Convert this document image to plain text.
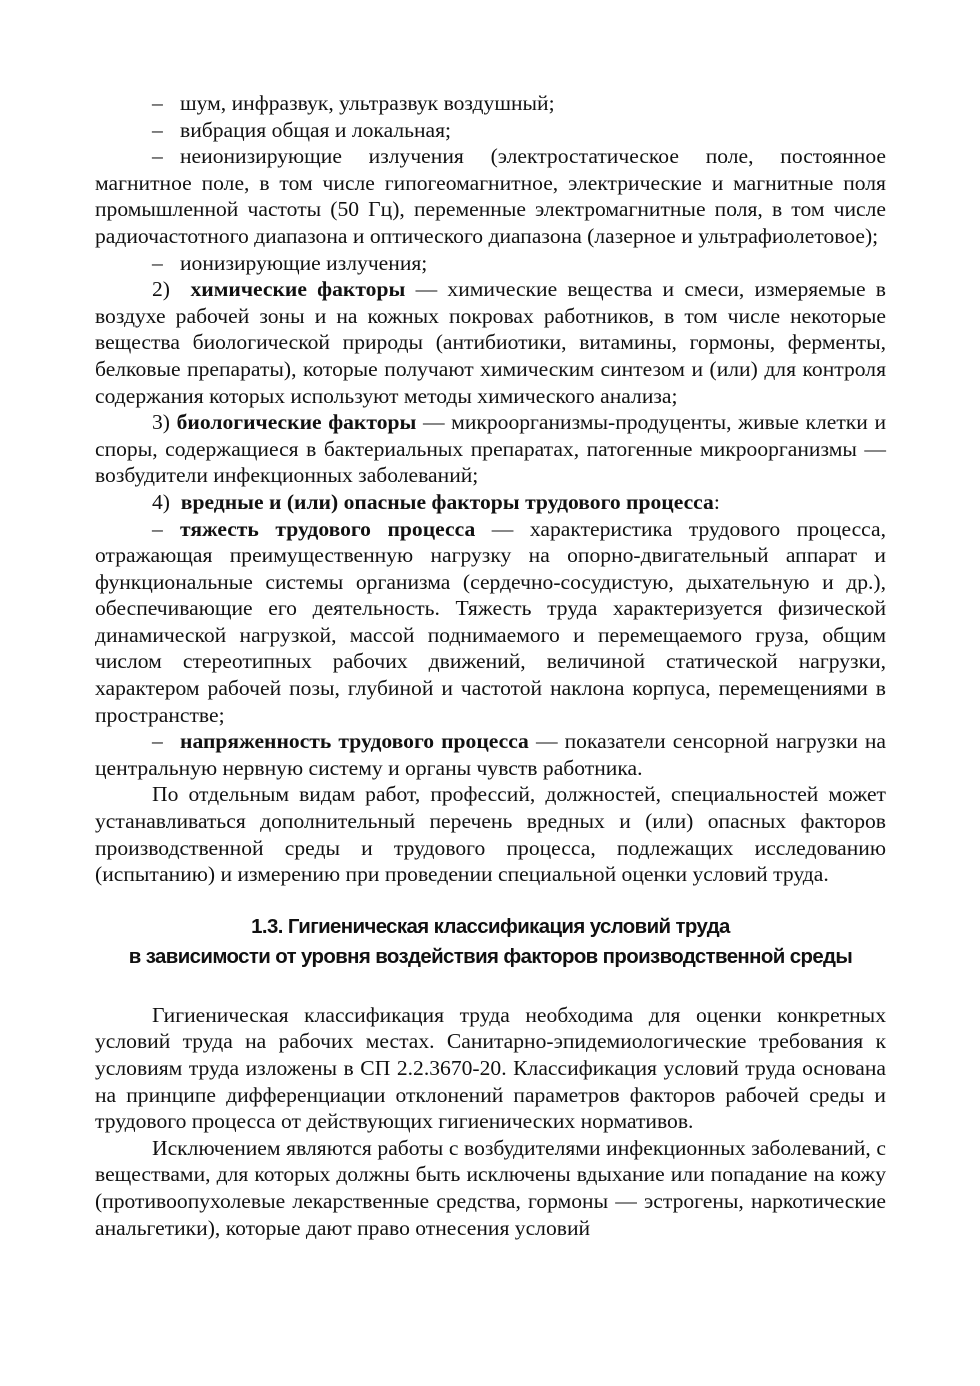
– шум, инфразвук, ультразвук воздушный;

– вибрация общая и локальная;

– неионизирующие излучения (электростатическое поле, постоянное магнитное поле, в том числе гипогеомагнитное, электрические и магнитные поля промышленной частоты (50 Гц), переменные электромагнитные поля, в том числе радиочастотного диапазона и оптического диапазона (лазерное и ультрафиолетовое);

– ионизирующие излучения;

2) химические факторы — химические вещества и смеси, измеряемые в воздухе рабочей зоны и на кожных покровах работников, в том числе некоторые вещества биологической природы (антибиотики, витамины, гормоны, ферменты, белковые препараты), которые получают химическим синтезом и (или) для контроля содержания которых используют методы химического анализа;

3) биологические факторы — микроорганизмы-продуценты, живые клетки и споры, содержащиеся в бактериальных препаратах, патогенные микроорганизмы — возбудители инфекционных заболеваний;

4) вредные и (или) опасные факторы трудового процесса:

– тяжесть трудового процесса — характеристика трудового процесса, отражающая преимущественную нагрузку на опорно-двигательный аппарат и функциональные системы организма (сердечно-сосудистую, дыхательную и др.), обеспечивающие его деятельность. Тяжесть труда характеризуется физической динамической нагрузкой, массой поднимаемого и перемещаемого груза, общим числом стереотипных рабочих движений, величиной статической нагрузки, характером рабочей позы, глубиной и частотой наклона корпуса, перемещениями в пространстве;

– напряженность трудового процесса — показатели сенсорной нагрузки на центральную нервную систему и органы чувств работника.

По отдельным видам работ, профессий, должностей, специальностей может устанавливаться дополнительный перечень вредных и (или) опасных факторов производственной среды и трудового процесса, подлежащих исследованию (испытанию) и измерению при проведении специальной оценки условий труда.

1.3. Гигиеническая классификация условий труда
в зависимости от уровня воздействия факторов производственной среды

Гигиеническая классификация труда необходима для оценки конкретных условий труда на рабочих местах. Санитарно-эпидемиологические требования к условиям труда изложены в СП 2.2.3670-20. Классификация условий труда основана на принципе дифференциации отклонений параметров факторов рабочей среды и трудового процесса от действующих гигиенических нормативов.

Исключением являются работы с возбудителями инфекционных заболеваний, с веществами, для которых должны быть исключены вдыхание или попадание на кожу (противоопухолевые лекарственные средства, гормоны — эстрогены, наркотические анальгетики), которые дают право отнесения условий
